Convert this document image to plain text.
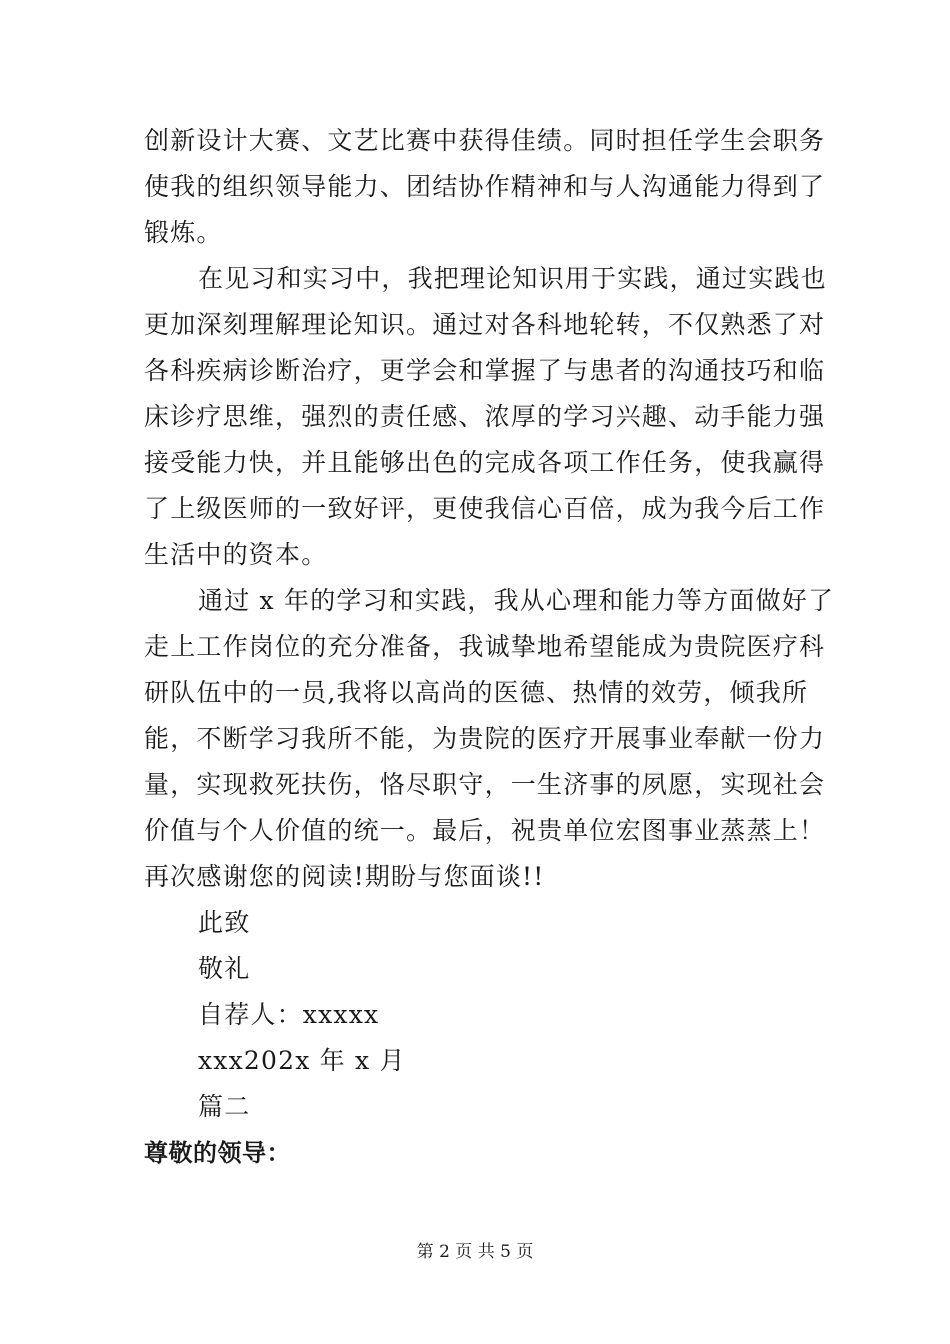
创新设计大赛、文艺比赛中获得佳绩。同时担任学生会职务
使我的组织领导能力、团结协作精神和与人沟通能力得到了
锻炼。
在见习和实习中，我把理论知识用于实践，通过实践也
更加深刻理解理论知识。通过对各科地轮转，不仅熟悉了对
各科疾病诊断治疗，更学会和掌握了与患者的沟通技巧和临
床诊疗思维，强烈的责任感、浓厚的学习兴趣、动手能力强
接受能力快，并且能够出色的完成各项工作任务，使我赢得
了上级医师的一致好评，更使我信心百倍，成为我今后工作
生活中的资本。
通过 x 年的学习和实践，我从心理和能力等方面做好了
走上工作岗位的充分准备，我诚挚地希望能成为贵院医疗科
研队伍中的一员,我将以高尚的医德、热情的效劳，倾我所
能，不断学习我所不能，为贵院的医疗开展事业奉献一份力
量，实现救死扶伤，恪尽职守，一生济事的夙愿，实现社会
价值与个人价值的统一。最后，祝贵单位宏图事业蒸蒸上！
再次感谢您的阅读!期盼与您面谈!!
此致
敬礼
自荐人：xxxxx
xxx202x 年 x 月
篇二
尊敬的领导：
第 2 页 共 5 页
